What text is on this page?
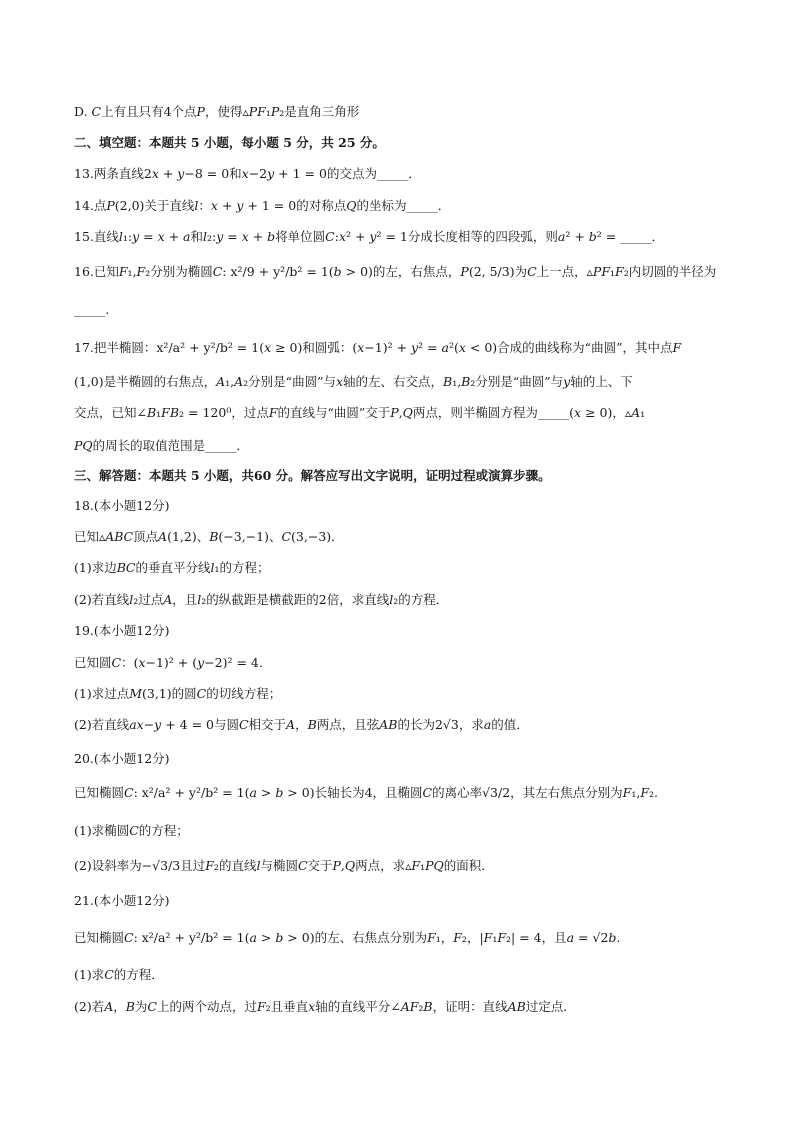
D. 𝐶上有且只有4个点𝑃，使得▵𝑃𝐹₁𝑃₂是直角三角形
二、填空题：本题共 5 小题，每小题 5 分，共 25 分。
13.两条直线2𝑥 + 𝑦−8 = 0和𝑥−2𝑦 + 1 = 0的交点为_____．
14.点𝑃(2,0)关于直线𝑙：𝑥 + 𝑦 + 1 = 0的对称点𝑄的坐标为_____．
15.直线𝑙₁:𝑦 = 𝑥 + 𝑎和𝑙₂:𝑦 = 𝑥 + 𝑏将单位圆𝐶:𝑥² + 𝑦² = 1分成长度相等的四段弧，则𝑎² + 𝑏² = _____．
16.已知𝐹₁,𝐹₂分别为椭圆𝐶: x²/9 + y²/b² = 1(𝑏 > 0)的左，右焦点，𝑃(2, 5/3)为𝐶上一点，▵𝑃𝐹₁𝐹₂内切圆的半径为
_____.
17.把半椭圆：x²/a² + y²/b² = 1(𝑥 ≥ 0)和圆弧：(𝑥−1)² + 𝑦² = 𝑎²(𝑥 < 0)合成的曲线称为“曲圆”，其中点𝐹
(1,0)是半椭圆的右焦点，𝐴₁,𝐴₂分别是“曲圆”与𝑥轴的左、右交点，𝐵₁,𝐵₂分别是“曲圆”与𝑦轴的上、下
交点，已知∠𝐵₁𝐹𝐵₂ = 120⁰，过点𝐹的直线与“曲圆”交于𝑃,𝑄两点，则半椭圆方程为_____(𝑥 ≥ 0)，▵𝐴₁
𝑃𝑄的周长的取值范围是_____．
三、解答题：本题共 5 小题，共60 分。解答应写出文字说明，证明过程或演算步骤。
18.(本小题12分)
已知▵𝐴𝐵𝐶顶点𝐴(1,2)、𝐵(−3,−1)、𝐶(3,−3)．
(1)求边𝐵𝐶的垂直平分线𝑙₁的方程；
(2)若直线𝑙₂过点𝐴，且𝑙₂的纵截距是横截距的2倍，求直线𝑙₂的方程．
19.(本小题12分)
已知圆𝐶：(𝑥−1)² + (𝑦−2)² = 4.
(1)求过点𝑀(3,1)的圆𝐶的切线方程；
(2)若直线𝑎𝑥−𝑦 + 4 = 0与圆𝐶相交于𝐴，𝐵两点，且弦𝐴𝐵的长为2√3，求𝑎的值．
20.(本小题12分)
已知椭圆𝐶: x²/a² + y²/b² = 1(𝑎 > 𝑏 > 0)长轴长为4，且椭圆𝐶的离心率√3/2，其左右焦点分别为𝐹₁,𝐹₂.
(1)求椭圆𝐶的方程；
(2)设斜率为−√3/3且过𝐹₂的直线𝑙与椭圆𝐶交于𝑃,𝑄两点，求▵𝐹₁𝑃𝑄的面积．
21.(本小题12分)
已知椭圆𝐶: x²/a² + y²/b² = 1(𝑎 > 𝑏 > 0)的左、右焦点分别为𝐹₁，𝐹₂，|𝐹₁𝐹₂| = 4，且𝑎 = √2𝑏.
(1)求𝐶的方程．
(2)若𝐴，𝐵为𝐶上的两个动点，过𝐹₂且垂直𝑥轴的直线平分∠𝐴𝐹₂𝐵，证明：直线𝐴𝐵过定点．
